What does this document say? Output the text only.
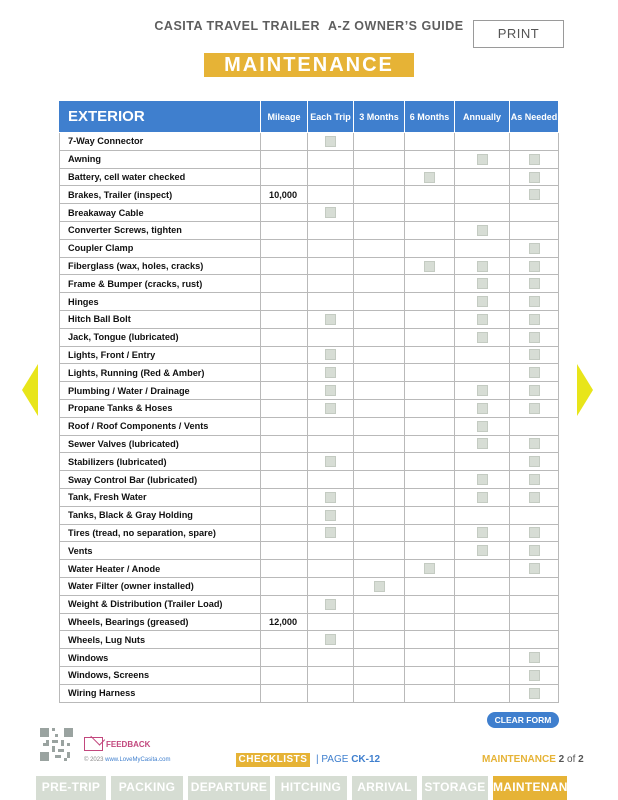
CASITA TRAVEL TRAILER A-Z OWNER’S GUIDE	PRINT
MAINTENANCE
EXTERIOR	Mileage	Each Trip	3 Months	6 Months	Annually	As Needed
7-Way Connector						
Awning						
Battery, cell water checked						
Brakes, Trailer (inspect)	10,000					
Breakaway Cable						
Converter Screws, tighten						
Coupler Clamp						
Fiberglass (wax, holes, cracks)						
Frame & Bumper (cracks, rust)						
Hinges						
Hitch Ball Bolt						
Jack, Tongue (lubricated)						
Lights, Front / Entry						
Lights, Running (Red & Amber)						
Plumbing / Water / Drainage						
Propane Tanks & Hoses						
Roof / Roof Components / Vents						
Sewer Valves (lubricated)						
Stabilizers (lubricated)						
Sway Control Bar (lubricated)						
Tank, Fresh Water						
Tanks, Black & Gray Holding						
Tires (tread, no separation, spare)						
Vents						
Water Heater / Anode						
Water Filter (owner installed)						
Weight & Distribution (Trailer Load)						
Wheels, Bearings (greased)	12,000					
Wheels, Lug Nuts						
Windows						
Windows, Screens						
Wiring Harness						
CLEAR FORM
FEEDBACK
© 2023 www.LoveMyCasita.com	CHECKLISTS | PAGE CK-12	MAINTENANCE 2 of 2
PRE-TRIP	PACKING	DEPARTURE	HITCHING	ARRIVAL	STORAGE MAINTENANCE
